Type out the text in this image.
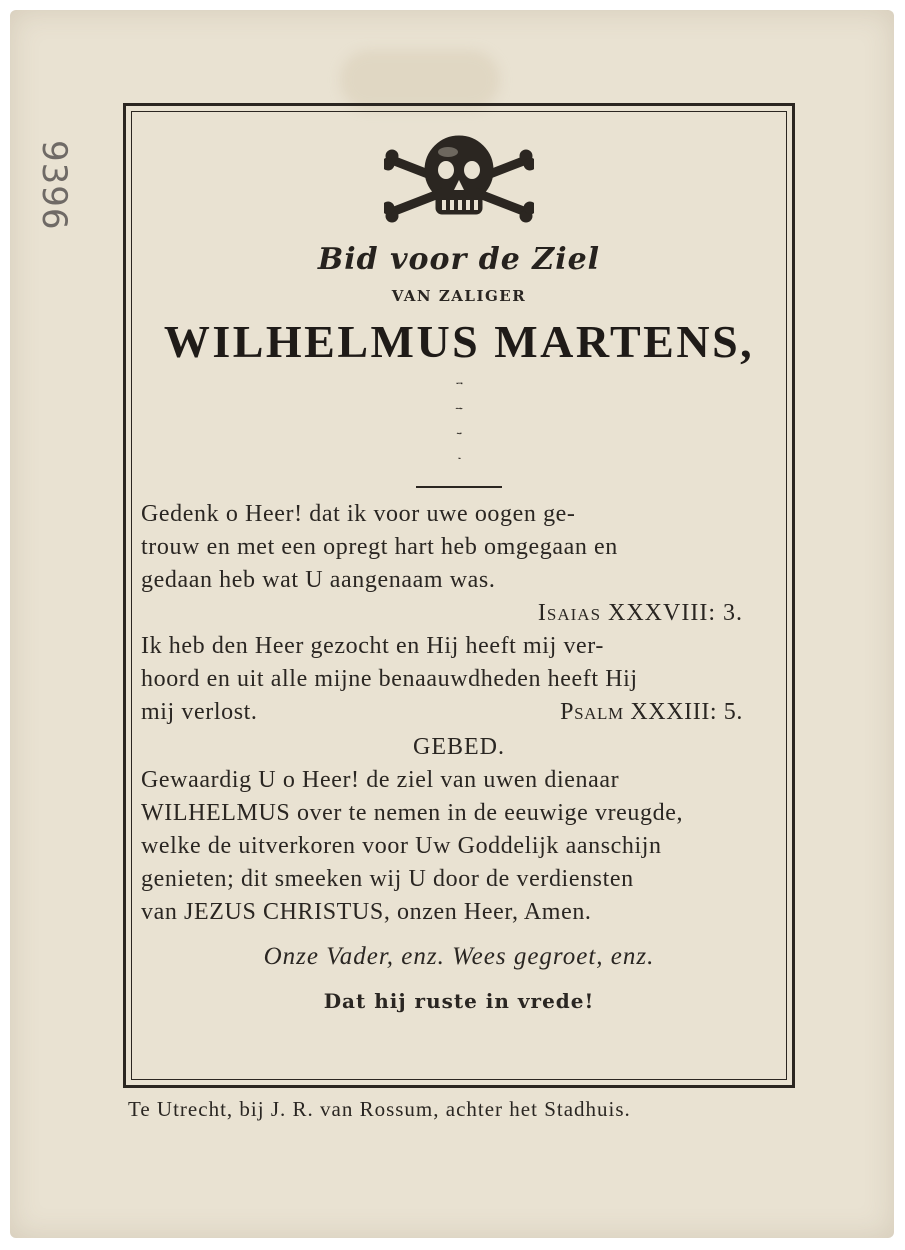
9396
Bid voor de Ziel
VAN ZALIGER
WILHELMUS MARTENS,
Overleden te UTRECHT, den 7. Julij 1844,
in den ouderdom van ruim 75 jaren, en begraven
den 11. daaraanvolgende, op het R. K.
Kerkhof aldaar.
Gedenk o Heer! dat ik voor uwe oogen ge-
trouw en met een opregt hart heb omgegaan en
gedaan heb wat U aangenaam was.
Isaias XXXVIII: 3.
Ik heb den Heer gezocht en Hij heeft mij ver-
hoord en uit alle mijne benaauwdheden heeft Hij
mij verlost.	Psalm XXXIII: 5.
GEBED.
Gewaardig U o Heer! de ziel van uwen dienaar
WILHELMUS over te nemen in de eeuwige vreugde,
welke de uitverkoren voor Uw Goddelijk aanschijn
genieten; dit smeeken wij U door de verdiensten
van JEZUS CHRISTUS, onzen Heer, Amen.
Onze Vader, enz. Wees gegroet, enz.
Dat hij ruste in vrede!
Te Utrecht, bij J. R. van Rossum, achter het Stadhuis.
